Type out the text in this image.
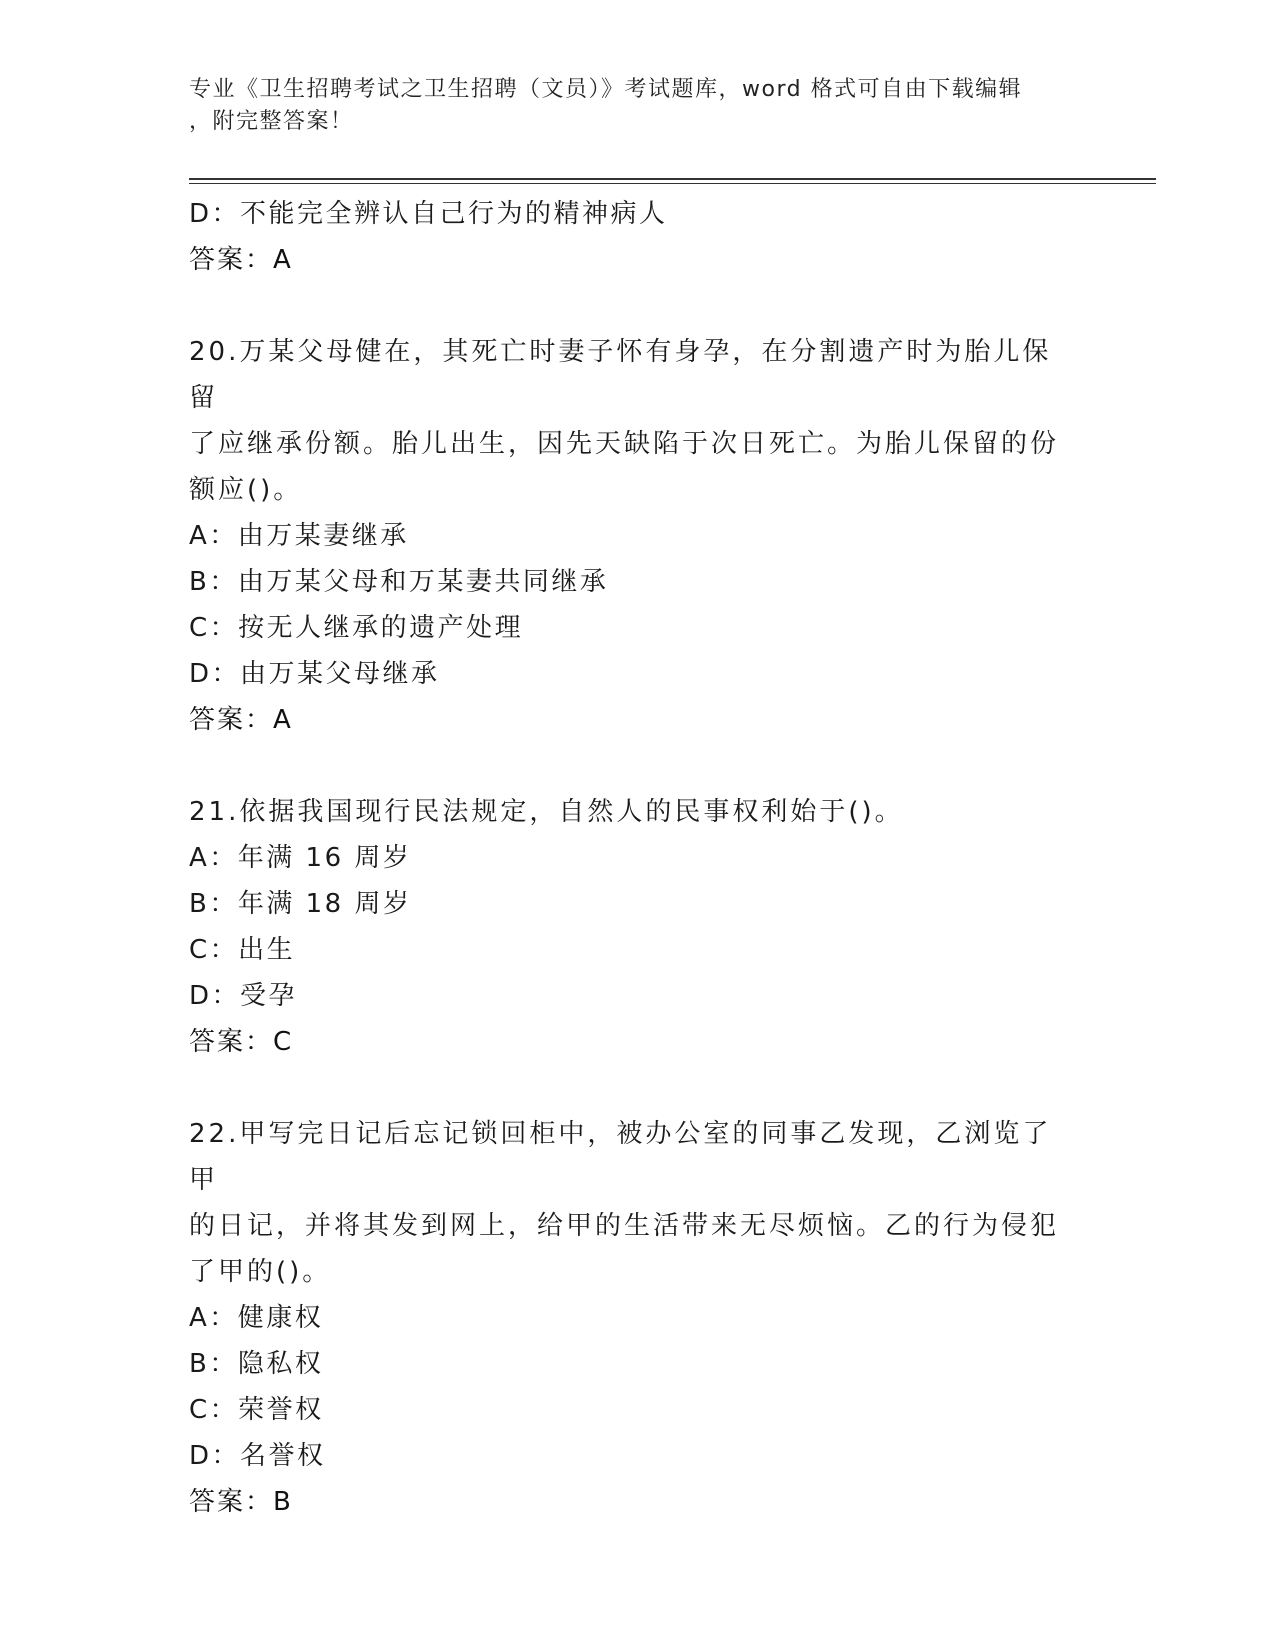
专业《卫生招聘考试之卫生招聘（文员）》考试题库，word 格式可自由下载编辑
，附完整答案！
D：不能完全辨认自己行为的精神病人
答案：A
20.万某父母健在，其死亡时妻子怀有身孕，在分割遗产时为胎儿保留
了应继承份额。胎儿出生，因先天缺陷于次日死亡。为胎儿保留的份
额应()。
A：由万某妻继承
B：由万某父母和万某妻共同继承
C：按无人继承的遗产处理
D：由万某父母继承
答案：A
21.依据我国现行民法规定，自然人的民事权利始于()。
A：年满 16 周岁
B：年满 18 周岁
C：出生
D：受孕
答案：C
22.甲写完日记后忘记锁回柜中，被办公室的同事乙发现，乙浏览了甲
的日记，并将其发到网上，给甲的生活带来无尽烦恼。乙的行为侵犯
了甲的()。
A：健康权
B：隐私权
C：荣誉权
D：名誉权
答案：B
